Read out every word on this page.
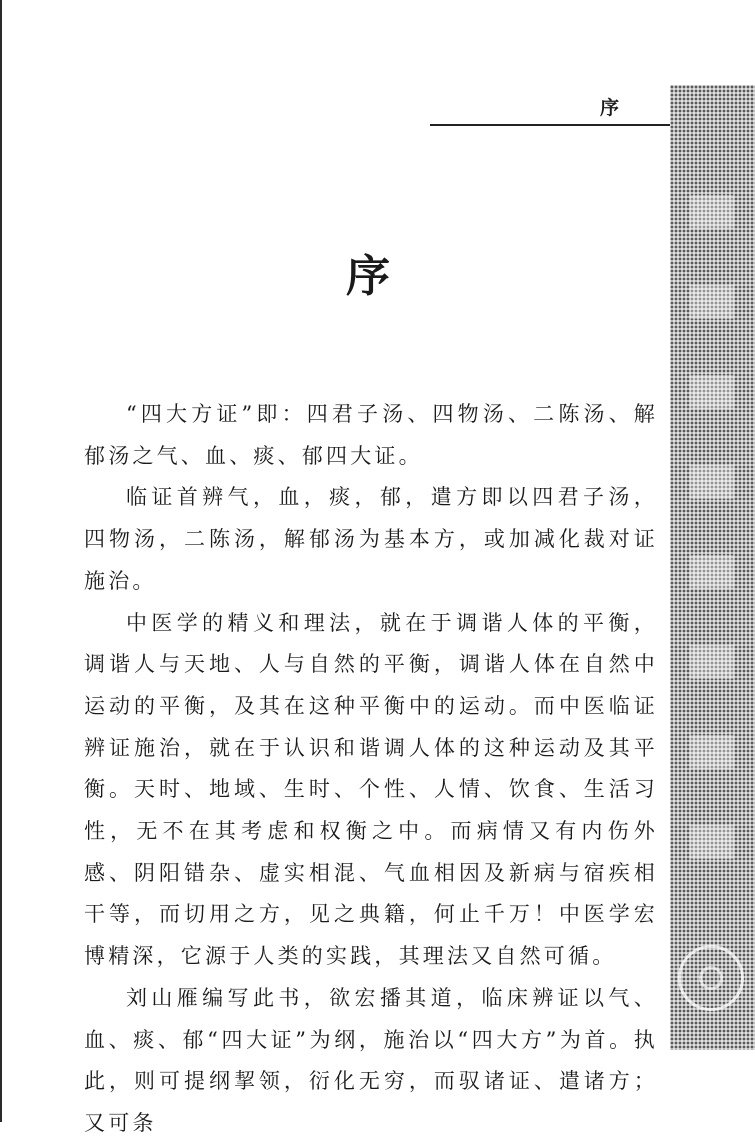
序
序

“四大方证”即：四君子汤、四物汤、二陈汤、解郁汤之气、血、痰、郁四大证。

临证首辨气，血，痰，郁，遣方即以四君子汤，四物汤，二陈汤，解郁汤为基本方，或加减化裁对证施治。

中医学的精义和理法，就在于调谐人体的平衡，调谐人与天地、人与自然的平衡，调谐人体在自然中运动的平衡，及其在这种平衡中的运动。而中医临证辨证施治，就在于认识和谐调人体的这种运动及其平衡。天时、地域、生时、个性、人情、饮食、生活习性，无不在其考虑和权衡之中。而病情又有内伤外感、阴阳错杂、虚实相混、气血相因及新病与宿疾相干等，而切用之方，见之典籍，何止千万！中医学宏博精深，它源于人类的实践，其理法又自然可循。

刘山雁编写此书，欲宏播其道，临床辨证以气、血、痰、郁“四大证”为纲，施治以“四大方”为首。执此，则可提纲挈领，衍化无穷，而驭诸证、遣诸方；又可条
